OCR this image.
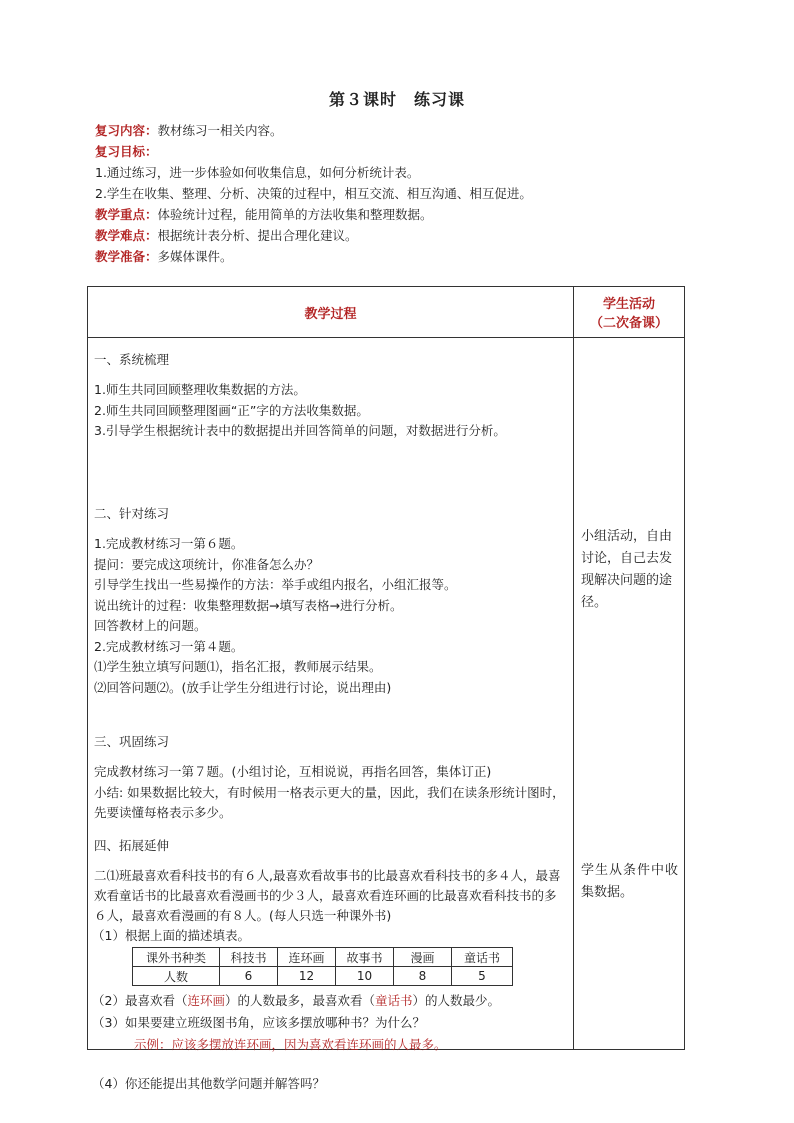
第３课时　练习课
复习内容：教材练习一相关内容。
复习目标：
1.通过练习，进一步体验如何收集信息，如何分析统计表。
2.学生在收集、整理、分析、决策的过程中，相互交流、相互沟通、相互促进。
教学重点：体验统计过程，能用简单的方法收集和整理数据。
教学难点：根据统计表分析、提出合理化建议。
教学准备：多媒体课件。
教学过程	
学生活动
（二次备课）

一、系统梳理
1.师生共同回顾整理收集数据的方法。
2.师生共同回顾整理图画“正”字的方法收集数据。
3.引导学生根据统计表中的数据提出并回答简单的问题，对数据进行分析。
二、针对练习
1.完成教材练习一第６题。
提问：要完成这项统计，你准备怎么办？
引导学生找出一些易操作的方法：举手或组内报名，小组汇报等。
说出统计的过程：收集整理数据→填写表格→进行分析。
回答教材上的问题。
2.完成教材练习一第４题。
⑴学生独立填写问题⑴，指名汇报，教师展示结果。
⑵回答问题⑵。(放手让学生分组进行讨论，说出理由)
三、巩固练习
完成教材练习一第７题。(小组讨论，互相说说，再指名回答，集体订正)
小结: 如果数据比较大，有时候用一格表示更大的量，因此，我们在读条形统计图时，先要读懂每格表示多少。
四、拓展延伸
二⑴班最喜欢看科技书的有６人,最喜欢看故事书的比最喜欢看科技书的多４人，最喜欢看童话书的比最喜欢看漫画书的少３人，最喜欢看连环画的比最喜欢看科技书的多６人，最喜欢看漫画的有８人。(每人只选一种课外书)
（1）根据上面的描述填表。
（2）最喜欢看（连环画）的人数最多，最喜欢看（童话书）的人数最少。
（3）如果要建立班级图书角，应该多摆放哪种书？为什么？
示例：应该多摆放连环画，因为喜欢看连环画的人最多。
（4）你还能提出其他数学问题并解答吗？
课外书种类	科技书	连环画	故事书	漫画	童话书
人数	6	12	10	8	5

小组活动，自由讨论，自己去发现解决问题的途径。
学生从条件中收集数据。
